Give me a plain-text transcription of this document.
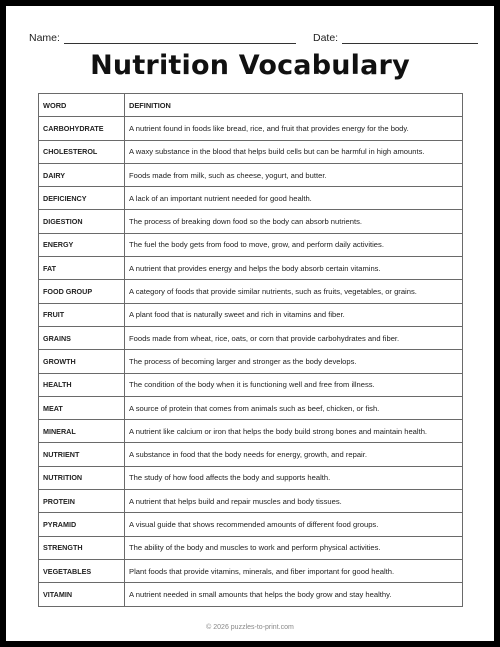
Name:	Date:
Nutrition Vocabulary
WORD	DEFINITION
CARBOHYDRATE	A nutrient found in foods like bread, rice, and fruit that provides energy for the body.
CHOLESTEROL	A waxy substance in the blood that helps build cells but can be harmful in high amounts.
DAIRY	Foods made from milk, such as cheese, yogurt, and butter.
DEFICIENCY	A lack of an important nutrient needed for good health.
DIGESTION	The process of breaking down food so the body can absorb nutrients.
ENERGY	The fuel the body gets from food to move, grow, and perform daily activities.
FAT	A nutrient that provides energy and helps the body absorb certain vitamins.
FOOD GROUP	A category of foods that provide similar nutrients, such as fruits, vegetables, or grains.
FRUIT	A plant food that is naturally sweet and rich in vitamins and fiber.
GRAINS	Foods made from wheat, rice, oats, or corn that provide carbohydrates and fiber.
GROWTH	The process of becoming larger and stronger as the body develops.
HEALTH	The condition of the body when it is functioning well and free from illness.
MEAT	A source of protein that comes from animals such as beef, chicken, or fish.
MINERAL	A nutrient like calcium or iron that helps the body build strong bones and maintain health.
NUTRIENT	A substance in food that the body needs for energy, growth, and repair.
NUTRITION	The study of how food affects the body and supports health.
PROTEIN	A nutrient that helps build and repair muscles and body tissues.
PYRAMID	A visual guide that shows recommended amounts of different food groups.
STRENGTH	The ability of the body and muscles to work and perform physical activities.
VEGETABLES	Plant foods that provide vitamins, minerals, and fiber important for good health.
VITAMIN	A nutrient needed in small amounts that helps the body grow and stay healthy.
© 2026 puzzles-to-print.com
